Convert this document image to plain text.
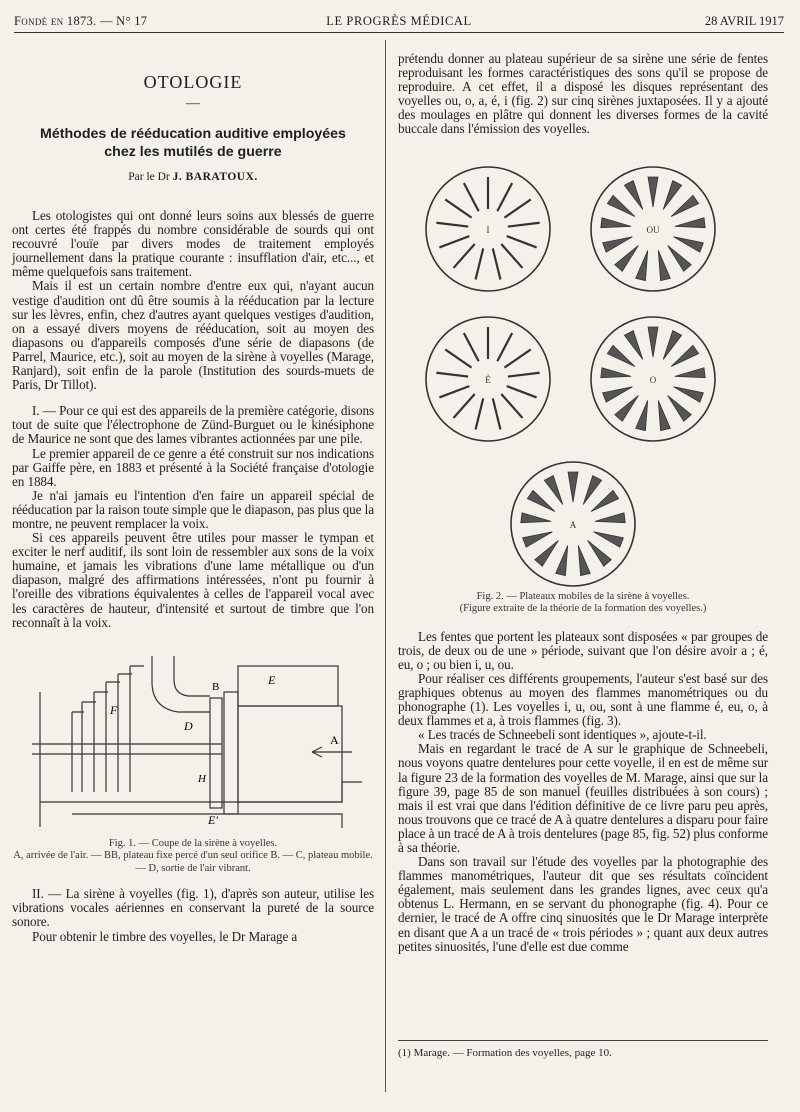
Fondé en 1873. — N° 17	LE PROGRÈS MÉDICAL	28 AVRIL 1917
OTOLOGIE
—
Méthodes de rééducation auditive employées
chez les mutilés de guerre
Par le Dr J. BARATOUX.

Les otologistes qui ont donné leurs soins aux blessés de guerre ont certes été frappés du nombre considérable de sourds qui ont recouvré l'ouïe par divers modes de traitement employés journellement dans la pratique courante : insufflation d'air, etc..., et même quelquefois sans traitement.

Mais il est un certain nombre d'entre eux qui, n'ayant aucun vestige d'audition ont dû être soumis à la rééducation par la lecture sur les lèvres, enfin, chez d'autres ayant quelques vestiges d'audition, on a essayé divers moyens de rééducation, soit au moyen des diapasons ou d'appareils composés d'une série de diapasons (de Parrel, Maurice, etc.), soit au moyen de la sirène à voyelles (Marage, Ranjard), soit enfin de la parole (Institution des sourds-muets de Paris, Dr Tillot).

I. — Pour ce qui est des appareils de la première catégorie, disons tout de suite que l'électrophone de Zünd-Burguet ou le kinésiphone de Maurice ne sont que des lames vibrantes actionnées par une pile.

Le premier appareil de ce genre a été construit sur nos indications par Gaiffe père, en 1883 et présenté à la Société française d'otologie en 1884.

Je n'ai jamais eu l'intention d'en faire un appareil spécial de rééducation par la raison toute simple que le diapason, pas plus que la montre, ne peuvent remplacer la voix.

Si ces appareils peuvent être utiles pour masser le tympan et exciter le nerf auditif, ils sont loin de ressembler aux sons de la voix humaine, et jamais les vibrations d'une lame métallique ou d'un diapason, malgré des affirmations intéressées, n'ont pu fournir à l'oreille des vibrations équivalentes à celles de l'appareil vocal avec les caractères de hauteur, d'intensité et surtout de timbre que l'on reconnaît à la voix.

F
B	E
D
H
A
E'
Fig. 1. — Coupe de la sirène à voyelles.
A, arrivée de l'air. — BB, plateau fixe percé d'un seul orifice B. — C, plateau mobile. — D, sortie de l'air vibrant.

II. — La sirène à voyelles (fig. 1), d'après son auteur, utilise les vibrations vocales aériennes en conservant la pureté de la source sonore.

Pour obtenir le timbre des voyelles, le Dr Marage a

prétendu donner au plateau supérieur de sa sirène une série de fentes reproduisant les formes caractéristiques des sons qu'il se propose de reproduire. A cet effet, il a disposé les disques représentant des voyelles ou, o, a, é, i (fig. 2) sur cinq sirènes juxtaposées. Il y a ajouté des moulages en plâtre qui donnent les diverses formes de la cavité buccale dans l'émission des voyelles.

I	OU
É	O
A
Fig. 2. — Plateaux mobiles de la sirène à voyelles.
(Figure extraite de la théorie de la formation des voyelles.)

Les fentes que portent les plateaux sont disposées « par groupes de trois, de deux ou de une » période, suivant que l'on désire avoir a ; é, eu, o ; ou bien i, u, ou.

Pour réaliser ces différents groupements, l'auteur s'est basé sur des graphiques obtenus au moyen des flammes manométriques ou du phonographe (1). Les voyelles i, u, ou, sont à une flamme é, eu, o, à deux flammes et a, à trois flammes (fig. 3).

« Les tracés de Schneebeli sont identiques », ajoute-t-il.

Mais en regardant le tracé de A sur le graphique de Schneebeli, nous voyons quatre dentelures pour cette voyelle, il en est de même sur la figure 23 de la formation des voyelles de M. Marage, ainsi que sur la figure 39, page 85 de son manuel (feuilles distribuées à son cours) ; mais il est vrai que dans l'édition définitive de ce livre paru peu après, nous trouvons que ce tracé de A à quatre dentelures a disparu pour faire place à un tracé de A à trois dentelures (page 85, fig. 52) plus conforme à sa théorie.

Dans son travail sur l'étude des voyelles par la photographie des flammes manométriques, l'auteur dit que ses résultats coïncident également, mais seulement dans les grandes lignes, avec ceux qu'a obtenus L. Hermann, en se servant du phonographe (fig. 4). Pour ce dernier, le tracé de A offre cinq sinuosités que le Dr Marage interprète en disant que A a un tracé de « trois périodes » ; quant aux deux autres petites sinuosités, l'une d'elle est due comme

(1) Marage. — Formation des voyelles, page 10.
